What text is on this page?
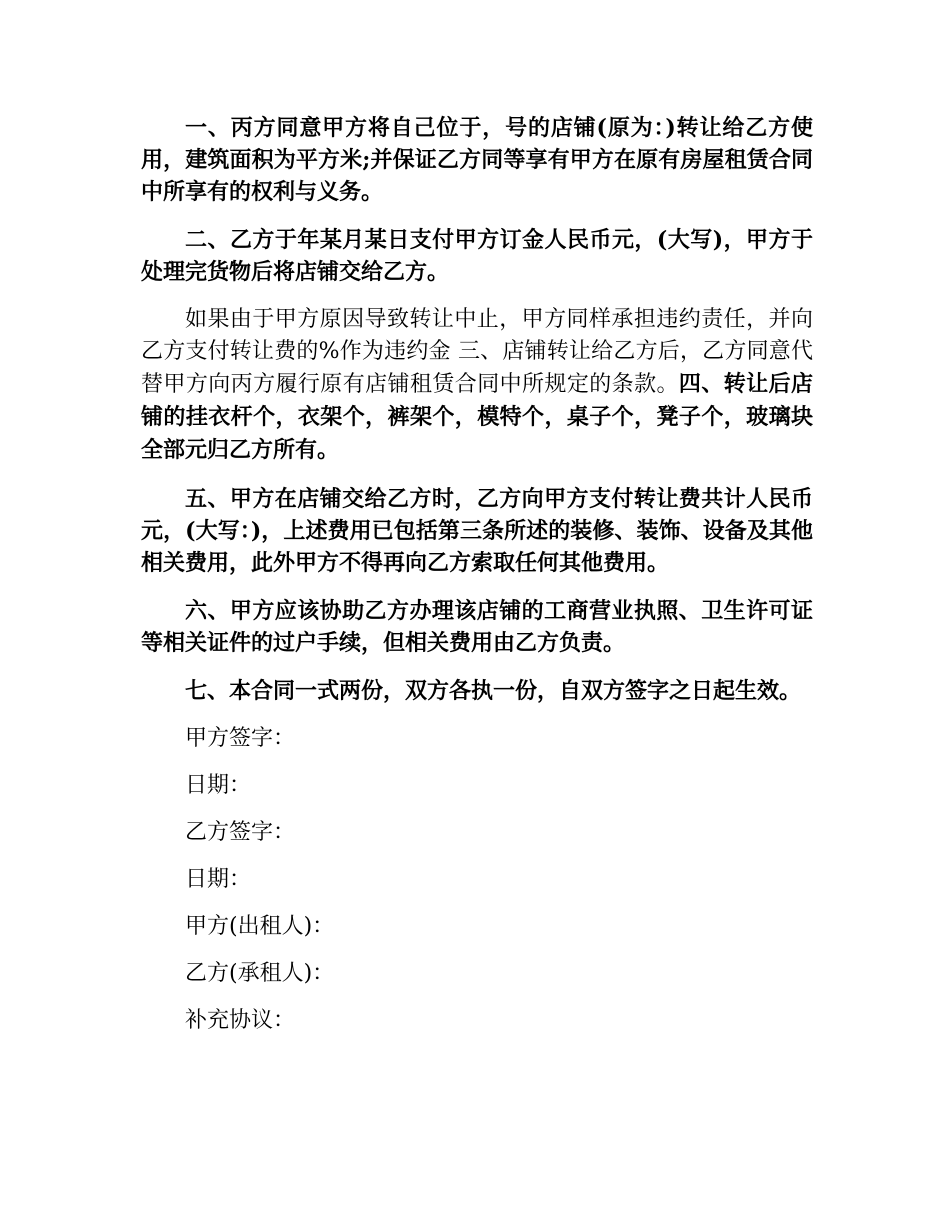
一、丙方同意甲方将自己位于，号的店铺(原为：)转让给乙方使用，建筑面积为平方米;并保证乙方同等享有甲方在原有房屋租赁合同中所享有的权利与义务。

二、乙方于年某月某日支付甲方订金人民币元，(大写)，甲方于处理完货物后将店铺交给乙方。

如果由于甲方原因导致转让中止，甲方同样承担违约责任，并向乙方支付转让费的%作为违约金 三、店铺转让给乙方后，乙方同意代替甲方向丙方履行原有店铺租赁合同中所规定的条款。四、转让后店铺的挂衣杆个，衣架个，裤架个，模特个，桌子个，凳子个，玻璃块全部元归乙方所有。

五、甲方在店铺交给乙方时，乙方向甲方支付转让费共计人民币元，(大写：)，上述费用已包括第三条所述的装修、装饰、设备及其他相关费用，此外甲方不得再向乙方索取任何其他费用。

六、甲方应该协助乙方办理该店铺的工商营业执照、卫生许可证等相关证件的过户手续，但相关费用由乙方负责。

七、本合同一式两份，双方各执一份，自双方签字之日起生效。

甲方签字：

日期：

乙方签字：

日期：

甲方(出租人)：

乙方(承租人)：

补充协议：
